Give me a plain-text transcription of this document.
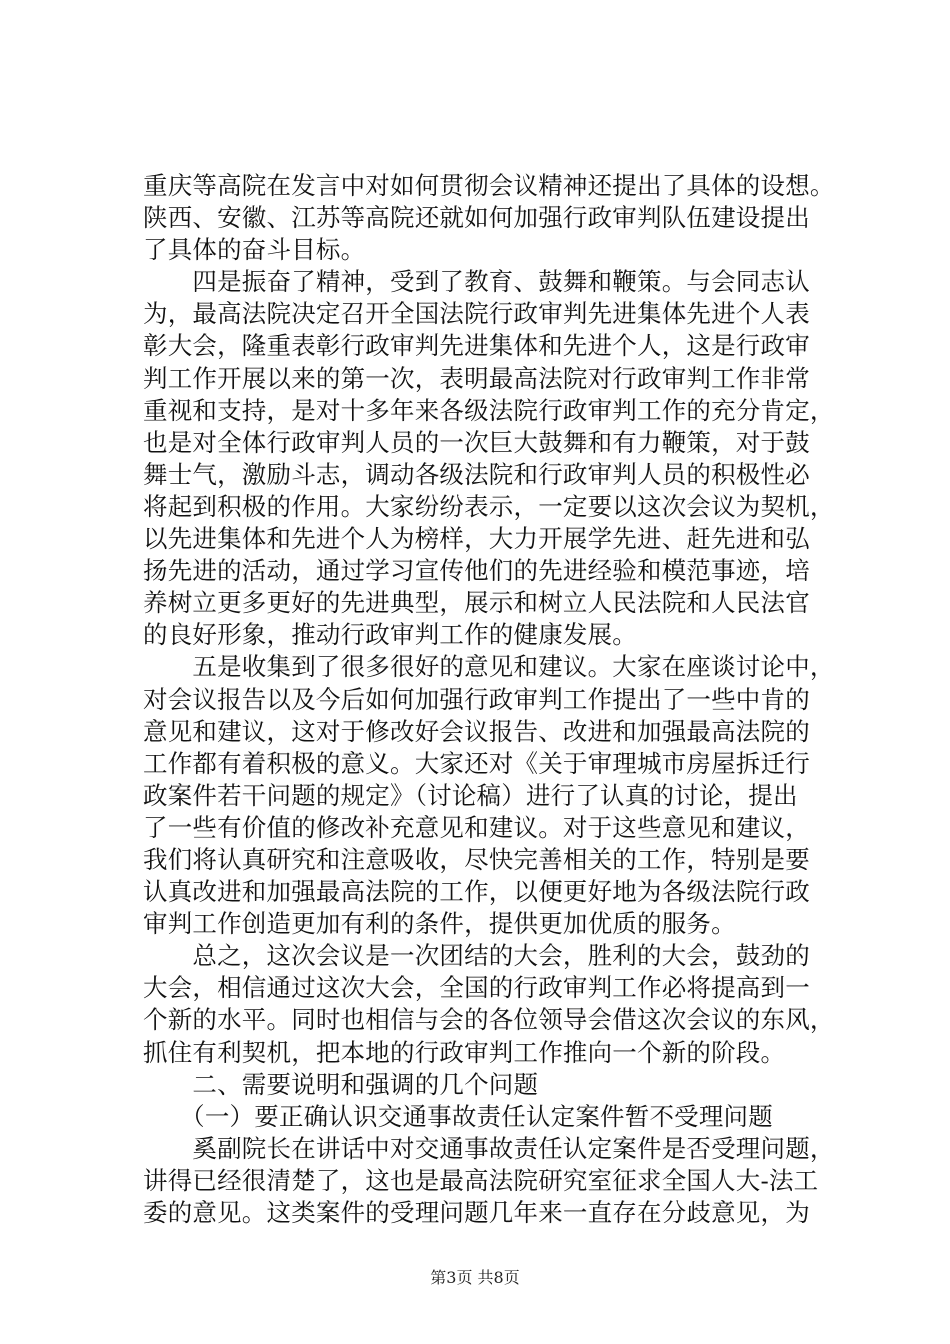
重庆等高院在发言中对如何贯彻会议精神还提出了具体的设想。
陕西、安徽、江苏等高院还就如何加强行政审判队伍建设提出
了具体的奋斗目标。
　　四是振奋了精神，受到了教育、鼓舞和鞭策。与会同志认
为，最高法院决定召开全国法院行政审判先进集体先进个人表
彰大会，隆重表彰行政审判先进集体和先进个人，这是行政审
判工作开展以来的第一次，表明最高法院对行政审判工作非常
重视和支持，是对十多年来各级法院行政审判工作的充分肯定，
也是对全体行政审判人员的一次巨大鼓舞和有力鞭策，对于鼓
舞士气，激励斗志，调动各级法院和行政审判人员的积极性必
将起到积极的作用。大家纷纷表示，一定要以这次会议为契机，
以先进集体和先进个人为榜样，大力开展学先进、赶先进和弘
扬先进的活动，通过学习宣传他们的先进经验和模范事迹，培
养树立更多更好的先进典型，展示和树立人民法院和人民法官
的良好形象，推动行政审判工作的健康发展。
　　五是收集到了很多很好的意见和建议。大家在座谈讨论中，
对会议报告以及今后如何加强行政审判工作提出了一些中肯的
意见和建议，这对于修改好会议报告、改进和加强最高法院的
工作都有着积极的意义。大家还对《关于审理城市房屋拆迁行
政案件若干问题的规定》（讨论稿）进行了认真的讨论，提出
了一些有价值的修改补充意见和建议。对于这些意见和建议，
我们将认真研究和注意吸收，尽快完善相关的工作，特别是要
认真改进和加强最高法院的工作，以便更好地为各级法院行政
审判工作创造更加有利的条件，提供更加优质的服务。
　　总之，这次会议是一次团结的大会，胜利的大会，鼓劲的
大会，相信通过这次大会，全国的行政审判工作必将提高到一
个新的水平。同时也相信与会的各位领导会借这次会议的东风，
抓住有利契机，把本地的行政审判工作推向一个新的阶段。
　　二、需要说明和强调的几个问题
　　（一）要正确认识交通事故责任认定案件暂不受理问题
　　奚副院长在讲话中对交通事故责任认定案件是否受理问题，
讲得已经很清楚了，这也是最高法院研究室征求全国人大-法工
委的意见。这类案件的受理问题几年来一直存在分歧意见，为
第3页 共8页
